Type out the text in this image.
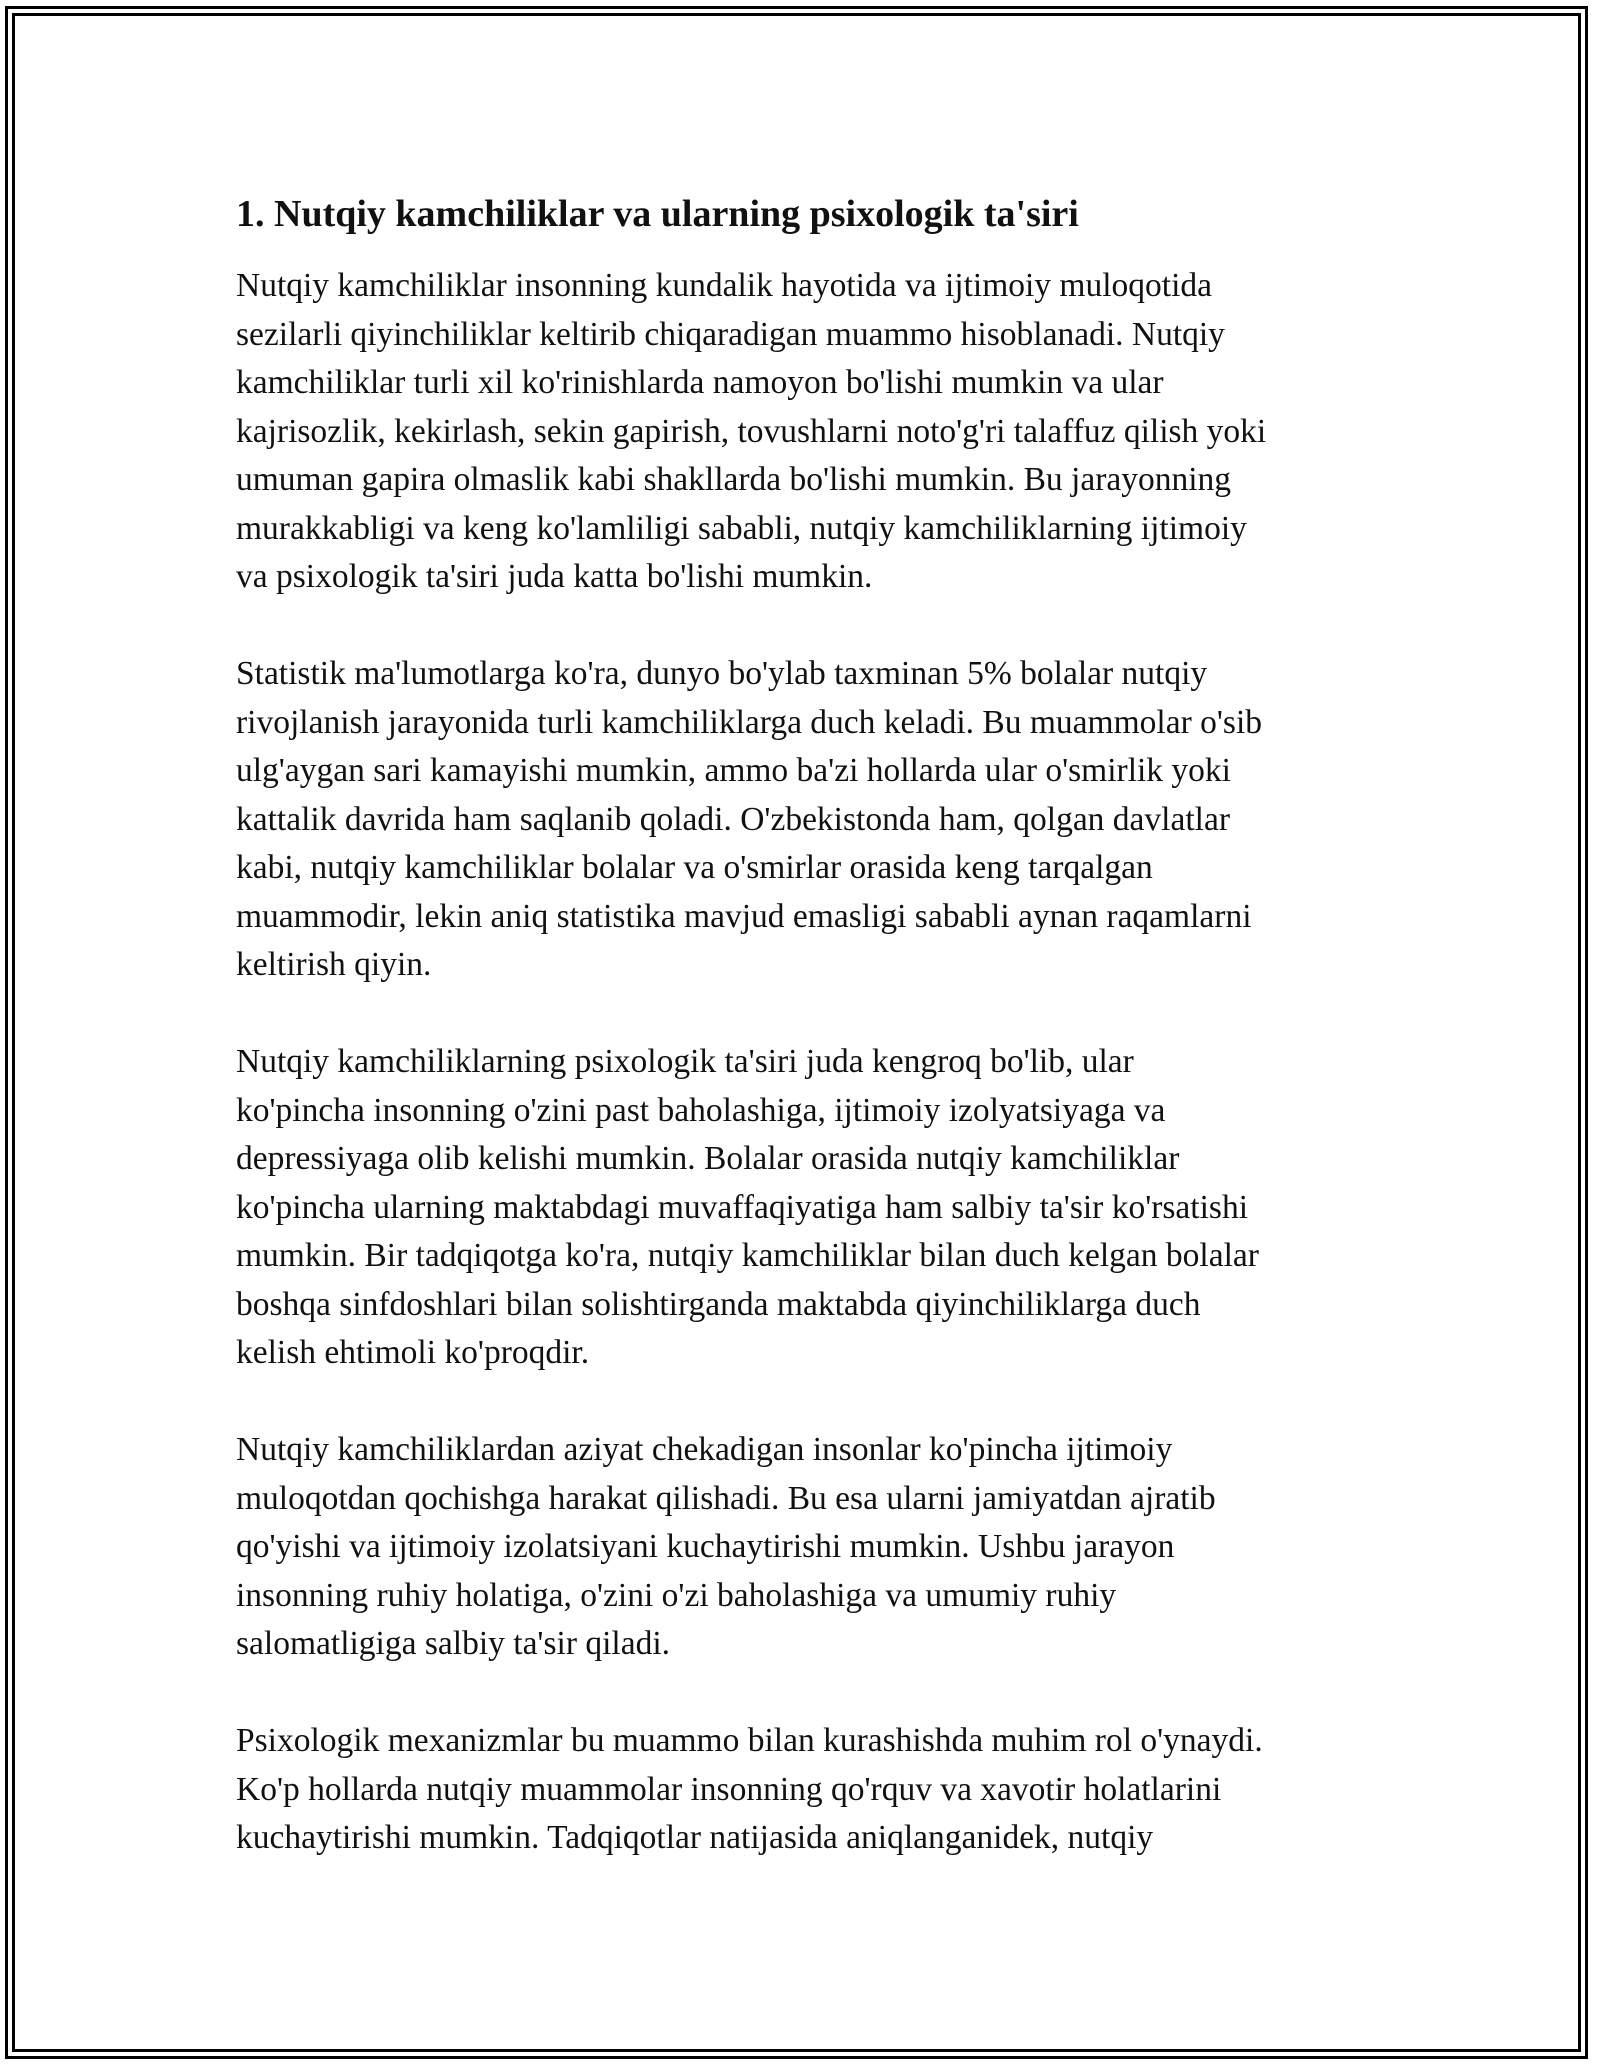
1. Nutqiy kamchiliklar va ularning psixologik ta'siri

Nutqiy kamchiliklar insonning kundalik hayotida va ijtimoiy muloqotida
sezilarli qiyinchiliklar keltirib chiqaradigan muammo hisoblanadi. Nutqiy
kamchiliklar turli xil ko'rinishlarda namoyon bo'lishi mumkin va ular
kajrisozlik, kekirlash, sekin gapirish, tovushlarni noto'g'ri talaffuz qilish yoki
umuman gapira olmaslik kabi shakllarda bo'lishi mumkin. Bu jarayonning
murakkabligi va keng ko'lamliligi sababli, nutqiy kamchiliklarning ijtimoiy
va psixologik ta'siri juda katta bo'lishi mumkin.

Statistik ma'lumotlarga ko'ra, dunyo bo'ylab taxminan 5% bolalar nutqiy
rivojlanish jarayonida turli kamchiliklarga duch keladi. Bu muammolar o'sib
ulg'aygan sari kamayishi mumkin, ammo ba'zi hollarda ular o'smirlik yoki
kattalik davrida ham saqlanib qoladi. O'zbekistonda ham, qolgan davlatlar
kabi, nutqiy kamchiliklar bolalar va o'smirlar orasida keng tarqalgan
muammodir, lekin aniq statistika mavjud emasligi sababli aynan raqamlarni
keltirish qiyin.

Nutqiy kamchiliklarning psixologik ta'siri juda kengroq bo'lib, ular
ko'pincha insonning o'zini past baholashiga, ijtimoiy izolyatsiyaga va
depressiyaga olib kelishi mumkin. Bolalar orasida nutqiy kamchiliklar
ko'pincha ularning maktabdagi muvaffaqiyatiga ham salbiy ta'sir ko'rsatishi
mumkin. Bir tadqiqotga ko'ra, nutqiy kamchiliklar bilan duch kelgan bolalar
boshqa sinfdoshlari bilan solishtirganda maktabda qiyinchiliklarga duch
kelish ehtimoli ko'proqdir.

Nutqiy kamchiliklardan aziyat chekadigan insonlar ko'pincha ijtimoiy
muloqotdan qochishga harakat qilishadi. Bu esa ularni jamiyatdan ajratib
qo'yishi va ijtimoiy izolatsiyani kuchaytirishi mumkin. Ushbu jarayon
insonning ruhiy holatiga, o'zini o'zi baholashiga va umumiy ruhiy
salomatligiga salbiy ta'sir qiladi.

Psixologik mexanizmlar bu muammo bilan kurashishda muhim rol o'ynaydi.
Ko'p hollarda nutqiy muammolar insonning qo'rquv va xavotir holatlarini
kuchaytirishi mumkin. Tadqiqotlar natijasida aniqlanganidek, nutqiy
